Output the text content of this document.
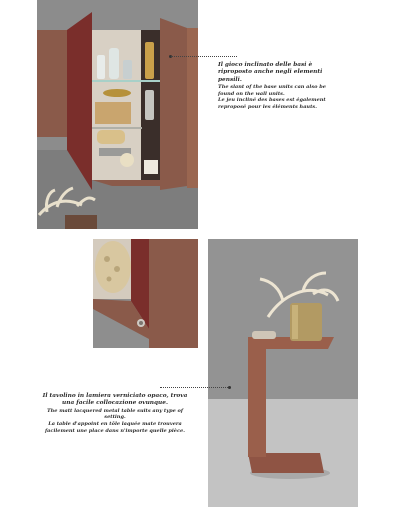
Il gioco inclinato delle basi è riproposto anche negli elementi pensili.
The slant of the base units can also be found on the wall units.
Le jeu incliné des bases est également reproposé pour les éléments hauts.
Il tavolino in lamiera verniciato opaco, trova una facile collocazione ovunque.
The matt lacquered metal table suits any type of setting.
La table d'appoint en tôle laquée mate trouvera facilement une place dans n'importe quelle pièce.
